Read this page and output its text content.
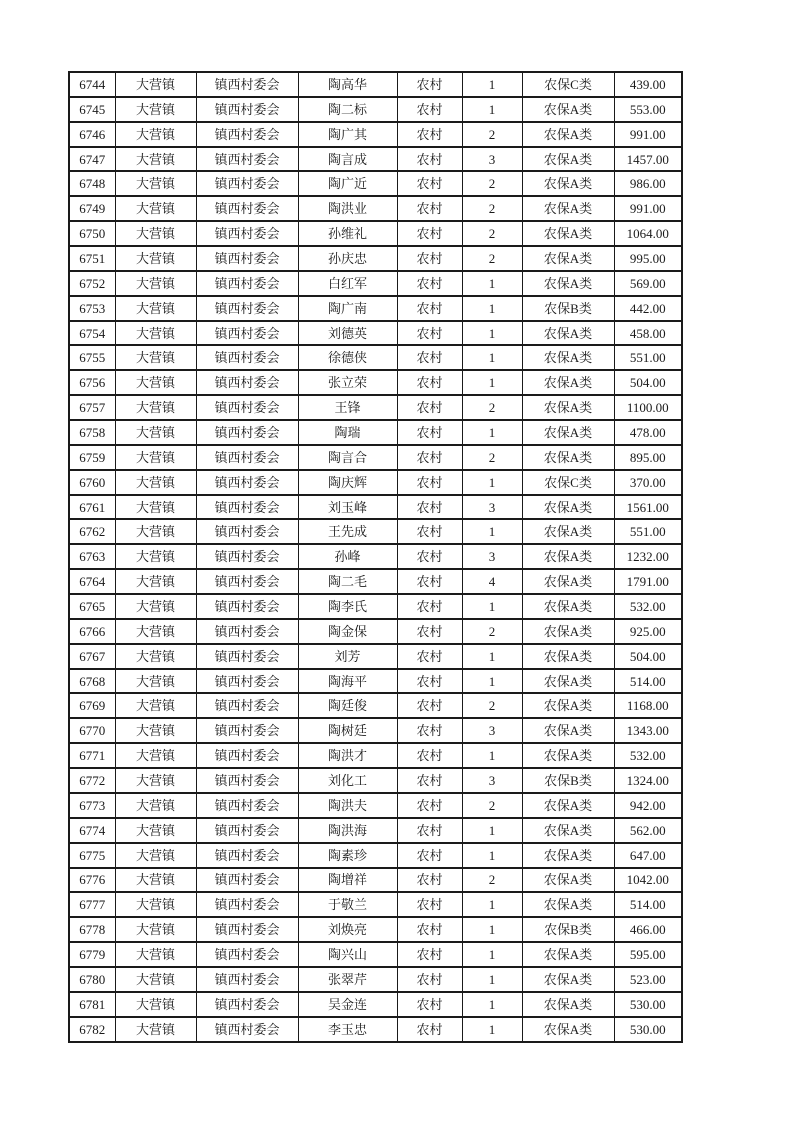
6744	大营镇	镇西村委会	陶高华	农村	1	农保C类	439.00
6745	大营镇	镇西村委会	陶二标	农村	1	农保A类	553.00
6746	大营镇	镇西村委会	陶广其	农村	2	农保A类	991.00
6747	大营镇	镇西村委会	陶言成	农村	3	农保A类	1457.00
6748	大营镇	镇西村委会	陶广近	农村	2	农保A类	986.00
6749	大营镇	镇西村委会	陶洪业	农村	2	农保A类	991.00
6750	大营镇	镇西村委会	孙维礼	农村	2	农保A类	1064.00
6751	大营镇	镇西村委会	孙庆忠	农村	2	农保A类	995.00
6752	大营镇	镇西村委会	白红军	农村	1	农保A类	569.00
6753	大营镇	镇西村委会	陶广南	农村	1	农保B类	442.00
6754	大营镇	镇西村委会	刘德英	农村	1	农保A类	458.00
6755	大营镇	镇西村委会	徐德侠	农村	1	农保A类	551.00
6756	大营镇	镇西村委会	张立荣	农村	1	农保A类	504.00
6757	大营镇	镇西村委会	王锋	农村	2	农保A类	1100.00
6758	大营镇	镇西村委会	陶瑞	农村	1	农保A类	478.00
6759	大营镇	镇西村委会	陶言合	农村	2	农保A类	895.00
6760	大营镇	镇西村委会	陶庆辉	农村	1	农保C类	370.00
6761	大营镇	镇西村委会	刘玉峰	农村	3	农保A类	1561.00
6762	大营镇	镇西村委会	王先成	农村	1	农保A类	551.00
6763	大营镇	镇西村委会	孙峰	农村	3	农保A类	1232.00
6764	大营镇	镇西村委会	陶二毛	农村	4	农保A类	1791.00
6765	大营镇	镇西村委会	陶李氏	农村	1	农保A类	532.00
6766	大营镇	镇西村委会	陶金保	农村	2	农保A类	925.00
6767	大营镇	镇西村委会	刘芳	农村	1	农保A类	504.00
6768	大营镇	镇西村委会	陶海平	农村	1	农保A类	514.00
6769	大营镇	镇西村委会	陶廷俊	农村	2	农保A类	1168.00
6770	大营镇	镇西村委会	陶树廷	农村	3	农保A类	1343.00
6771	大营镇	镇西村委会	陶洪才	农村	1	农保A类	532.00
6772	大营镇	镇西村委会	刘化工	农村	3	农保B类	1324.00
6773	大营镇	镇西村委会	陶洪夫	农村	2	农保A类	942.00
6774	大营镇	镇西村委会	陶洪海	农村	1	农保A类	562.00
6775	大营镇	镇西村委会	陶素珍	农村	1	农保A类	647.00
6776	大营镇	镇西村委会	陶增祥	农村	2	农保A类	1042.00
6777	大营镇	镇西村委会	于敬兰	农村	1	农保A类	514.00
6778	大营镇	镇西村委会	刘焕亮	农村	1	农保B类	466.00
6779	大营镇	镇西村委会	陶兴山	农村	1	农保A类	595.00
6780	大营镇	镇西村委会	张翠芹	农村	1	农保A类	523.00
6781	大营镇	镇西村委会	吴金连	农村	1	农保A类	530.00
6782	大营镇	镇西村委会	李玉忠	农村	1	农保A类	530.00
